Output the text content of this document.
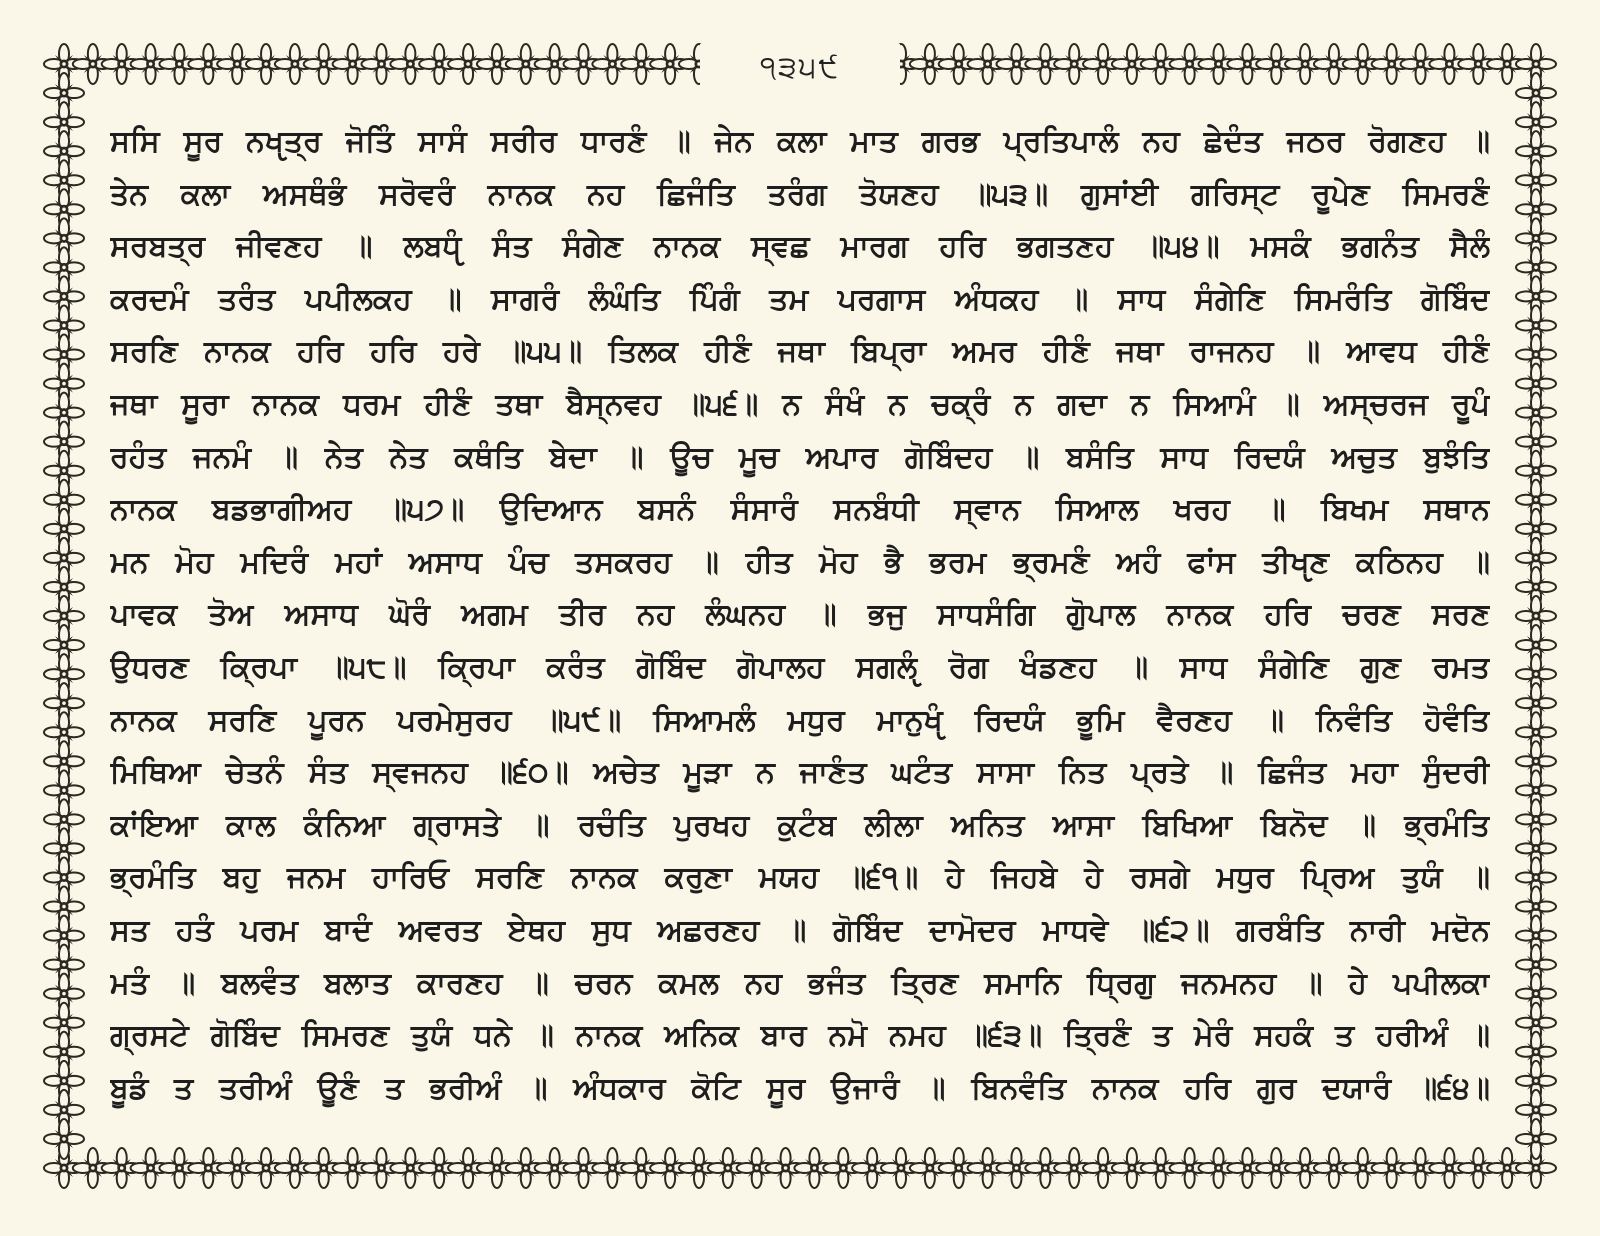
੧੩੫੯
ਸਸਿ ਸੂਰ ਨਖੵਤ੍ਰ ਜੋਤਿੰ ਸਾਸੰ ਸਰੀਰ ਧਾਰਣੰ ॥ ਜੇਨ ਕਲਾ ਮਾਤ ਗਰਭ ਪ੍ਰਤਿਪਾਲੰ ਨਹ ਛੇਦੰਤ ਜਠਰ ਰੋਗਣਹ ॥
ਤੇਨ ਕਲਾ ਅਸਥੰਭੰ ਸਰੋਵਰੰ ਨਾਨਕ ਨਹ ਛਿਜੰਤਿ ਤਰੰਗ ਤੋਯਣਹ ॥੫੩॥ ਗੁਸਾਂਈ ਗਰਿਸ੍ਟ ਰੂਪੇਣ ਸਿਮਰਣੰ
ਸਰਬਤ੍ਰ ਜੀਵਣਹ ॥ ਲਬਧੵੰ ਸੰਤ ਸੰਗੇਣ ਨਾਨਕ ਸ੍ਵਛ ਮਾਰਗ ਹਰਿ ਭਗਤਣਹ ॥੫੪॥ ਮਸਕੰ ਭਗਨੰਤ ਸੈਲੰ
ਕਰਦਮੰ ਤਰੰਤ ਪਪੀਲਕਹ ॥ ਸਾਗਰੰ ਲੰਘੰਤਿ ਪਿੰਗੰ ਤਮ ਪਰਗਾਸ ਅੰਧਕਹ ॥ ਸਾਧ ਸੰਗੇਣਿ ਸਿਮਰੰਤਿ ਗੋਬਿੰਦ
ਸਰਣਿ ਨਾਨਕ ਹਰਿ ਹਰਿ ਹਰੇ ॥੫੫॥ ਤਿਲਕ ਹੀਣੰ ਜਥਾ ਬਿਪ੍ਰਾ ਅਮਰ ਹੀਣੰ ਜਥਾ ਰਾਜਨਹ ॥ ਆਵਧ ਹੀਣੰ
ਜਥਾ ਸੂਰਾ ਨਾਨਕ ਧਰਮ ਹੀਣੰ ਤਥਾ ਬੈਸ੍ਨਵਹ ॥੫੬॥ ਨ ਸੰਖੰ ਨ ਚਕ੍ਰੰ ਨ ਗਦਾ ਨ ਸਿਆਮੰ ॥ ਅਸ੍ਚਰਜ ਰੂਪੰ
ਰਹੰਤ ਜਨਮੰ ॥ ਨੇਤ ਨੇਤ ਕਥੰਤਿ ਬੇਦਾ ॥ ਊਚ ਮੂਚ ਅਪਾਰ ਗੋਬਿੰਦਹ ॥ ਬਸੰਤਿ ਸਾਧ ਰਿਦਯੰ ਅਚੁਤ ਬੁਝੰਤਿ
ਨਾਨਕ ਬਡਭਾਗੀਅਹ ॥੫੭॥ ਉਦਿਆਨ ਬਸਨੰ ਸੰਸਾਰੰ ਸਨਬੰਧੀ ਸ੍ਵਾਨ ਸਿਆਲ ਖਰਹ ॥ ਬਿਖਮ ਸਥਾਨ
ਮਨ ਮੋਹ ਮਦਿਰੰ ਮਹਾਂ ਅਸਾਧ ਪੰਚ ਤਸਕਰਹ ॥ ਹੀਤ ਮੋਹ ਭੈ ਭਰਮ ਭ੍ਰਮਣੰ ਅਹੰ ਫਾਂਸ ਤੀਖੵਣ ਕਠਿਨਹ ॥
ਪਾਵਕ ਤੋਅ ਅਸਾਧ ਘੋਰੰ ਅਗਮ ਤੀਰ ਨਹ ਲੰਘਨਹ ॥ ਭਜੁ ਸਾਧਸੰਗਿ ਗੁੋਪਾਲ ਨਾਨਕ ਹਰਿ ਚਰਣ ਸਰਣ
ਉਧਰਣ ਕ੍ਰਿਪਾ ॥੫੮॥ ਕ੍ਰਿਪਾ ਕਰੰਤ ਗੋਬਿੰਦ ਗੋਪਾਲਹ ਸਗਲੵੰ ਰੋਗ ਖੰਡਣਹ ॥ ਸਾਧ ਸੰਗੇਣਿ ਗੁਣ ਰਮਤ
ਨਾਨਕ ਸਰਣਿ ਪੂਰਨ ਪਰਮੇਸੁਰਹ ॥੫੯॥ ਸਿਆਮਲੰ ਮਧੁਰ ਮਾਨੁਖੵੰ ਰਿਦਯੰ ਭੂਮਿ ਵੈਰਣਹ ॥ ਨਿਵੰਤਿ ਹੋਵੰਤਿ
ਮਿਥਿਆ ਚੇਤਨੰ ਸੰਤ ਸ੍ਵਜਨਹ ॥੬੦॥ ਅਚੇਤ ਮੂੜਾ ਨ ਜਾਣੰਤ ਘਟੰਤ ਸਾਸਾ ਨਿਤ ਪ੍ਰਤੇ ॥ ਛਿਜੰਤ ਮਹਾ ਸੁੰਦਰੀ
ਕਾਂਇਆ ਕਾਲ ਕੰਨਿਆ ਗ੍ਰਾਸਤੇ ॥ ਰਚੰਤਿ ਪੁਰਖਹ ਕੁਟੰਬ ਲੀਲਾ ਅਨਿਤ ਆਸਾ ਬਿਖਿਆ ਬਿਨੋਦ ॥ ਭ੍ਰਮੰਤਿ
ਭ੍ਰਮੰਤਿ ਬਹੁ ਜਨਮ ਹਾਰਿਓ ਸਰਣਿ ਨਾਨਕ ਕਰੁਣਾ ਮਯਹ ॥੬੧॥ ਹੇ ਜਿਹਬੇ ਹੇ ਰਸਗੇ ਮਧੁਰ ਪ੍ਰਿਅ ਤੁਯੰ ॥
ਸਤ ਹਤੰ ਪਰਮ ਬਾਦੰ ਅਵਰਤ ਏਥਹ ਸੁਧ ਅਛਰਣਹ ॥ ਗੋਬਿੰਦ ਦਾਮੋਦਰ ਮਾਧਵੇ ॥੬੨॥ ਗਰਬੰਤਿ ਨਾਰੀ ਮਦੋਨ
ਮਤੰ ॥ ਬਲਵੰਤ ਬਲਾਤ ਕਾਰਣਹ ॥ ਚਰਨ ਕਮਲ ਨਹ ਭਜੰਤ ਤ੍ਰਿਣ ਸਮਾਨਿ ਧ੍ਰਿਗੁ ਜਨਮਨਹ ॥ ਹੇ ਪਪੀਲਕਾ
ਗ੍ਰਸਟੇ ਗੋਬਿੰਦ ਸਿਮਰਣ ਤੁਯੰ ਧਨੇ ॥ ਨਾਨਕ ਅਨਿਕ ਬਾਰ ਨਮੋ ਨਮਹ ॥੬੩॥ ਤ੍ਰਿਣੰ ਤ ਮੇਰੰ ਸਹਕੰ ਤ ਹਰੀਅੰ ॥
ਬੂਡੰ ਤ ਤਰੀਅੰ ਊਣੰ ਤ ਭਰੀਅੰ ॥ ਅੰਧਕਾਰ ਕੋਟਿ ਸੂਰ ਉਜਾਰੰ ॥ ਬਿਨਵੰਤਿ ਨਾਨਕ ਹਰਿ ਗੁਰ ਦਯਾਰੰ ॥੬੪॥
